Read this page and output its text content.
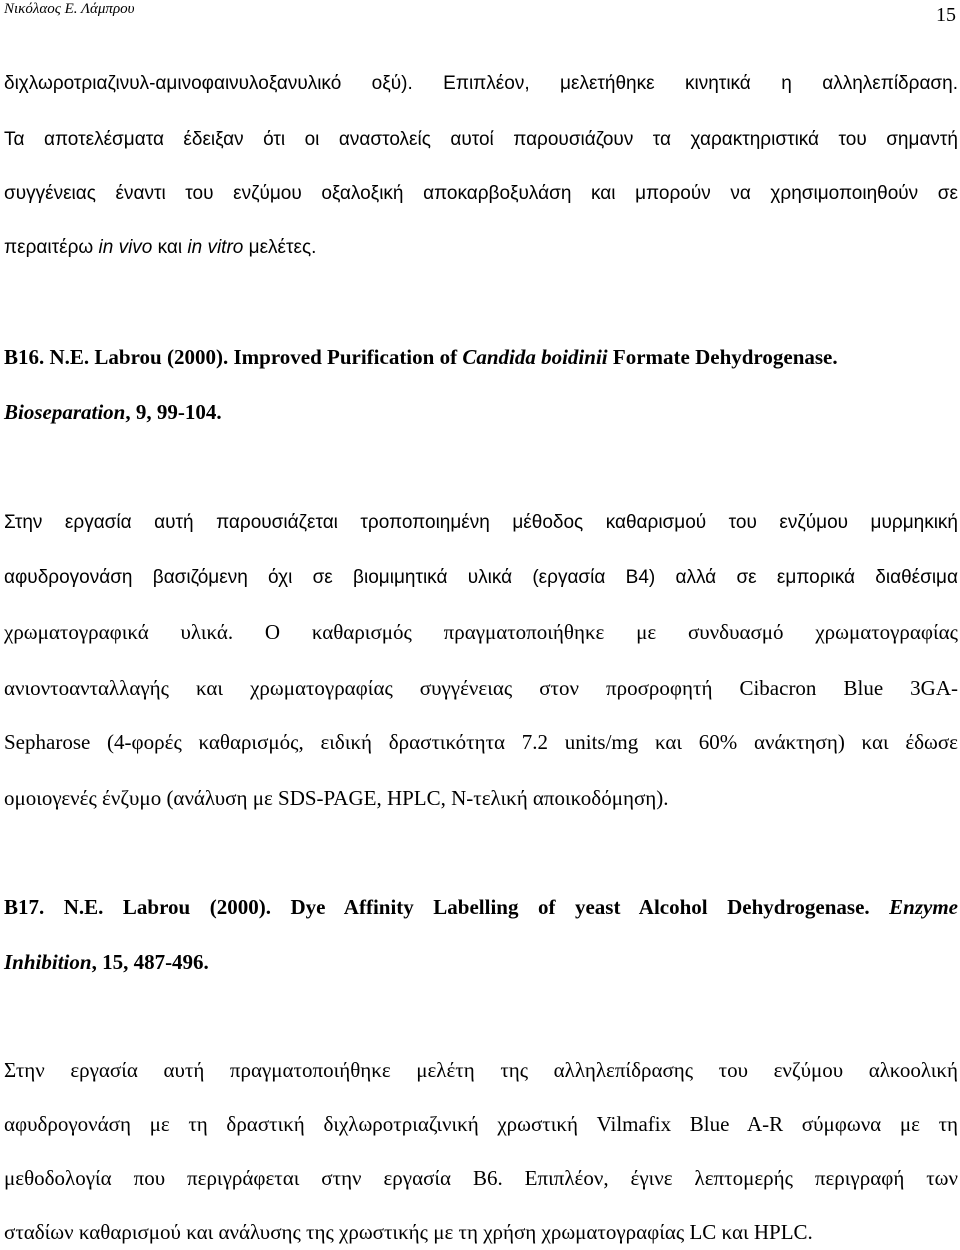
Νικόλαος Ε. Λάμπρου	15
διχλωροτριαζινυλ-αμινοφαινυλοξανυλικό οξύ). Επιπλέον, μελετήθηκε κινητικά η αλληλεπίδραση.
Τα αποτελέσματα έδειξαν ότι οι αναστολείς αυτοί παρουσιάζουν τα χαρακτηριστικά του σημαντή
συγγένειας έναντι του ενζύμου οξαλοξική αποκαρβοξυλάση και μπορούν να χρησιμοποιηθούν σε
περαιτέρω in vivo και in vitro μελέτες.
B16. N.E. Labrou (2000). Improved Purification of Candida boidinii Formate Dehydrogenase.
Bioseparation, 9, 99-104.
Στην εργασία αυτή παρουσιάζεται τροποποιημένη μέθοδος καθαρισμού του ενζύμου μυρμηκική
αφυδρογονάση βασιζόμενη όχι σε βιομιμητικά υλικά (εργασία Β4) αλλά σε εμπορικά διαθέσιμα
χρωματογραφικά υλικά. Ο καθαρισμός πραγματοποιήθηκε με συνδυασμό χρωματογραφίας
ανιοντοανταλλαγής και χρωματογραφίας συγγένειας στον προσροφητή Cibacron Blue 3GA-
Sepharose (4-φορές καθαρισμός, ειδική δραστικότητα 7.2 units/mg και 60% ανάκτηση) και έδωσε
ομοιογενές ένζυμο (ανάλυση με SDS-PAGE, HPLC, Ν-τελική αποικοδόμηση).
B17. N.E. Labrou (2000). Dye Affinity Labelling of yeast Alcohol Dehydrogenase. Enzyme
Inhibition, 15, 487-496.
Στην εργασία αυτή πραγματοποιήθηκε μελέτη της αλληλεπίδρασης του ενζύμου αλκοολική
αφυδρογονάση με τη δραστική διχλωροτριαζινική χρωστική Vilmafix Blue A-R σύμφωνα με τη
μεθοδολογία που περιγράφεται στην εργασία Β6. Επιπλέον, έγινε λεπτομερής περιγραφή των
σταδίων καθαρισμού και ανάλυσης της χρωστικής με τη χρήση χρωματογραφίας LC και HPLC.
